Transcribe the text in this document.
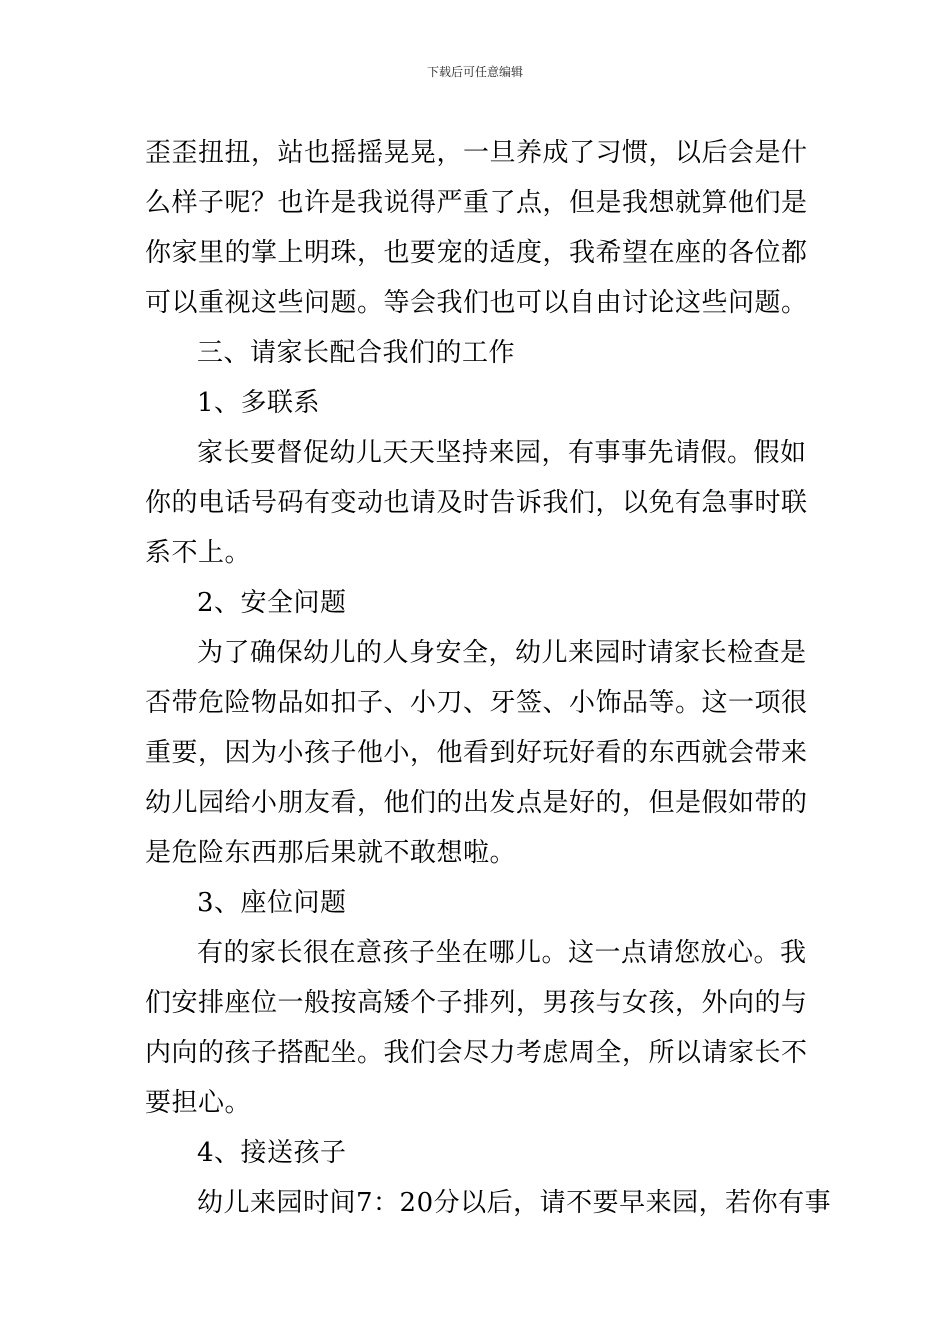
下载后可任意编辑
歪歪扭扭，站也摇摇晃晃，一旦养成了习惯，以后会是什
么样子呢？也许是我说得严重了点，但是我想就算他们是
你家里的掌上明珠，也要宠的适度，我希望在座的各位都
可以重视这些问题。等会我们也可以自由讨论这些问题。
三、请家长配合我们的工作
1、多联系
家长要督促幼儿天天坚持来园，有事事先请假。假如
你的电话号码有变动也请及时告诉我们，以免有急事时联
系不上。
2、安全问题
为了确保幼儿的人身安全，幼儿来园时请家长检查是
否带危险物品如扣子、小刀、牙签、小饰品等。这一项很
重要，因为小孩子他小，他看到好玩好看的东西就会带来
幼儿园给小朋友看，他们的出发点是好的，但是假如带的
是危险东西那后果就不敢想啦。
3、座位问题
有的家长很在意孩子坐在哪儿。这一点请您放心。我
们安排座位一般按高矮个子排列，男孩与女孩，外向的与
内向的孩子搭配坐。我们会尽力考虑周全，所以请家长不
要担心。
4、接送孩子
幼儿来园时间7：20分以后，请不要早来园，若你有事
